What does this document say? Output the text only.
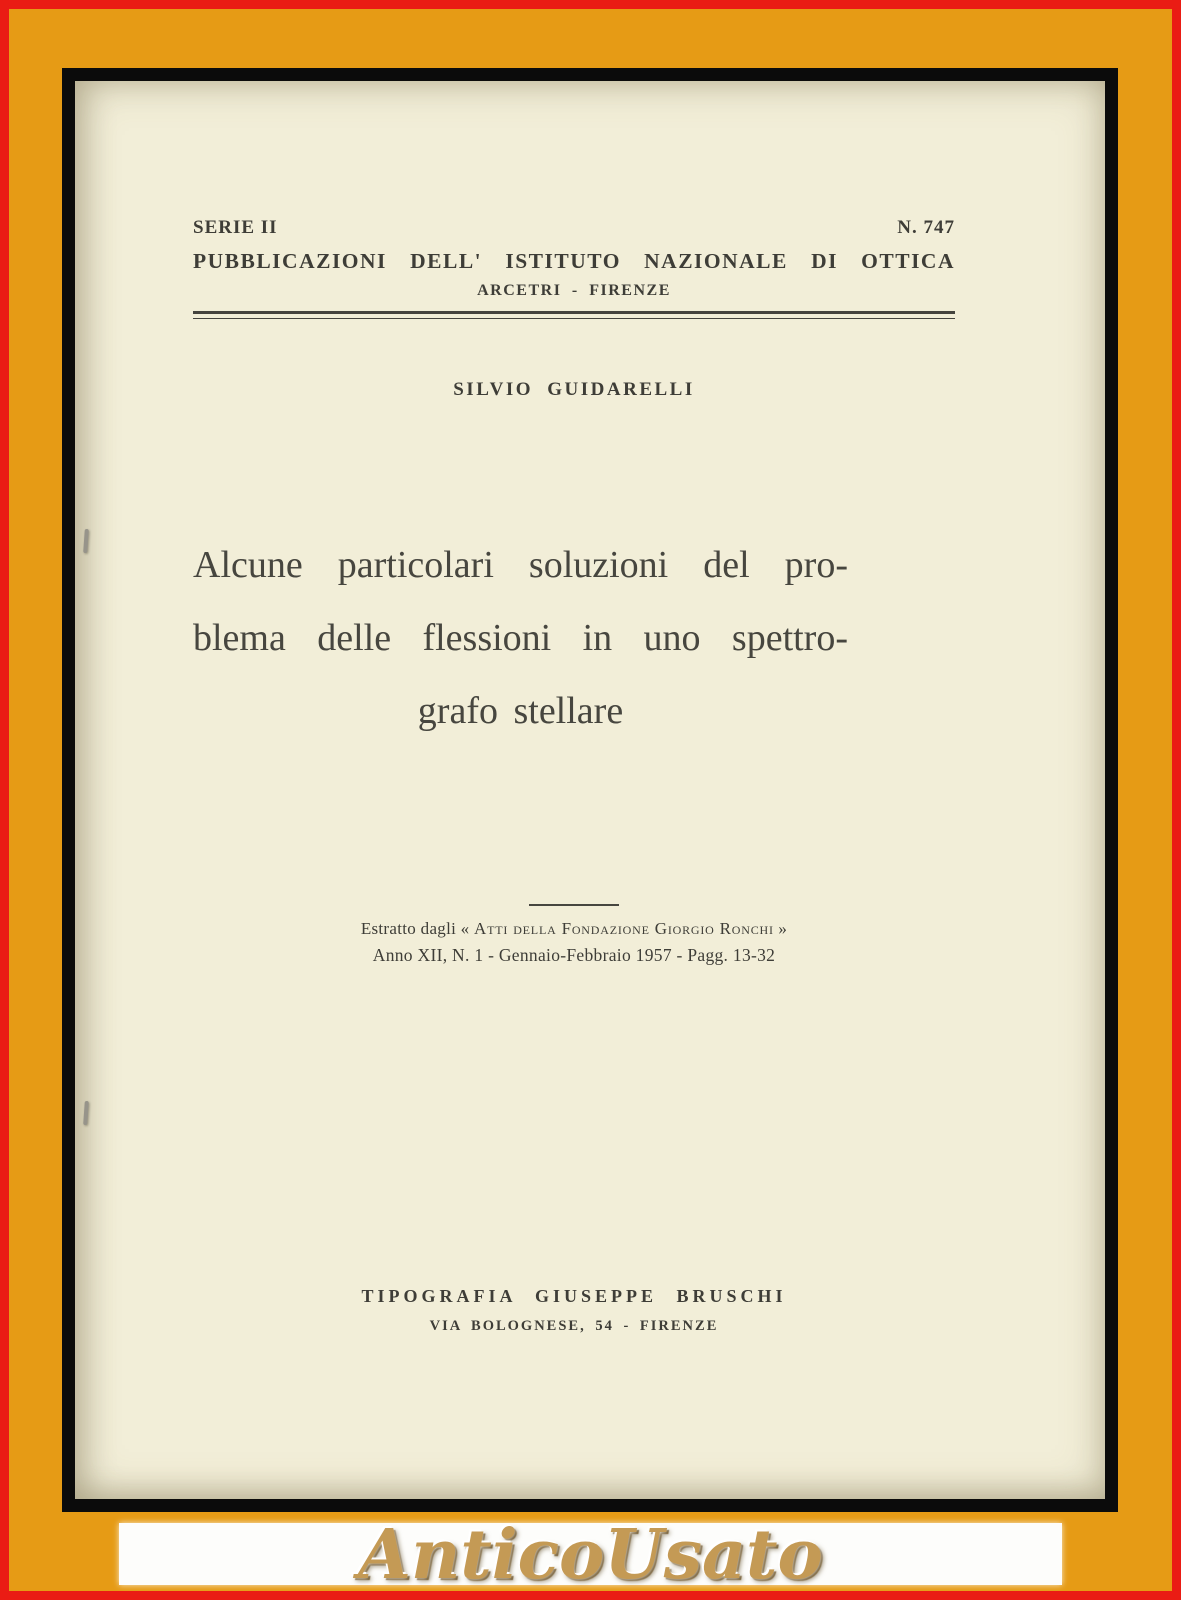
SERIE II	N. 747
PUBBLICAZIONI DELL' ISTITUTO NAZIONALE DI OTTICA
ARCETRI - FIRENZE
SILVIO GUIDARELLI
Alcune particolari soluzioni del pro-
blema delle flessioni in uno spettro-
grafo stellare
Estratto dagli « Atti della Fondazione Giorgio Ronchi »
Anno XII, N. 1 - Gennaio-Febbraio 1957 - Pagg. 13-32
TIPOGRAFIA GIUSEPPE BRUSCHI
VIA BOLOGNESE, 54 - FIRENZE
AnticoUsato
